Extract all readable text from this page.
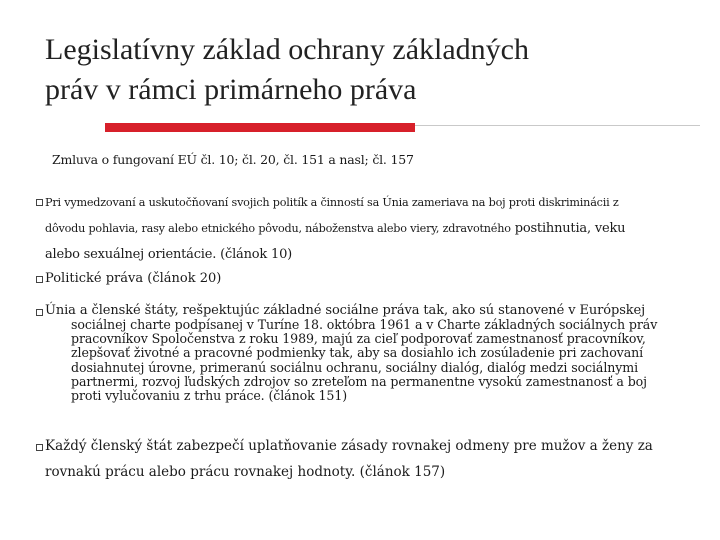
Legislatívny základ ochrany základných
práv v rámci primárneho práva
Zmluva o fungovaní EÚ čl. 10; čl. 20, čl. 151 a nasl; čl. 157
Pri vymedzovaní a uskutočňovaní svojich politík a činností sa Únia zameriava na boj proti diskriminácii z
dôvodu pohlavia, rasy alebo etnického pôvodu, náboženstva alebo viery, zdravotného postihnutia, veku
alebo sexuálnej orientácie. (článok 10)
Politické práva (článok 20)
Únia a členské štáty, rešpektujúc základné sociálne práva tak, ako sú stanovené v Európskej
sociálnej charte podpísanej v Turíne 18. októbra 1961 a v Charte základných sociálnych práv pracovníkov Spoločenstva z roku 1989, majú za cieľ podporovať zamestnanosť pracovníkov, zlepšovať životné a pracovné podmienky tak, aby sa dosiahlo ich zosúladenie pri zachovaní dosiahnutej úrovne, primeranú sociálnu ochranu, sociálny dialóg, dialóg medzi sociálnymi partnermi, rozvoj ľudských zdrojov so zreteľom na permanentne vysokú zamestnanosť a boj proti vylučovaniu z trhu práce. (článok 151)
Každý členský štát zabezpečí uplatňovanie zásady rovnakej odmeny pre mužov a ženy za
rovnakú prácu alebo prácu rovnakej hodnoty. (článok 157)
